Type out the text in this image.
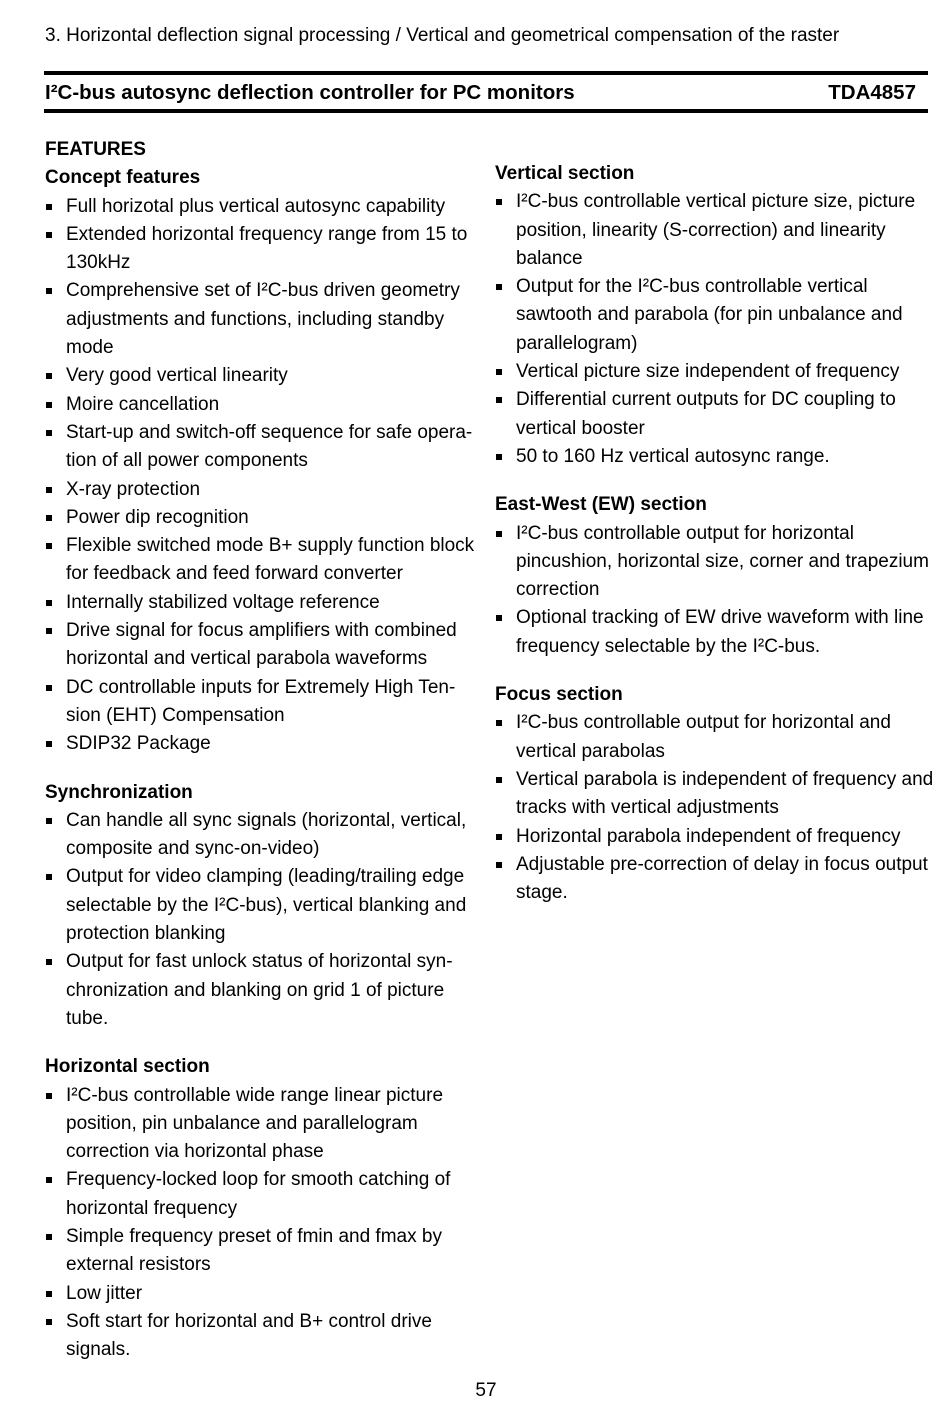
3. Horizontal deflection signal processing / Vertical and geometrical compensation of the raster
I²C-bus autosync deflection controller for PC monitors	TDA4857
FEATURES
Concept features
Full horizotal plus vertical autosync capability
Extended horizontal frequency range from 15 to 130kHz
Comprehensive set of I²C-bus driven geometry adjustments and functions, including standby mode
Very good vertical linearity
Moire cancellation
Start-up and switch-off sequence for safe opera-tion of all power components
X-ray protection
Power dip recognition
Flexible switched mode B+ supply function block for feedback and feed forward converter
Internally stabilized voltage reference
Drive signal for focus amplifiers with combined horizontal and vertical parabola waveforms
DC controllable inputs for Extremely High Ten-sion (EHT) Compensation
SDIP32 Package
Synchronization
Can handle all sync signals (horizontal, vertical, composite and sync-on-video)
Output for video clamping (leading/trailing edge selectable by the I²C-bus), vertical blanking and protection blanking
Output for fast unlock status of horizontal syn-chronization and blanking on grid 1 of picture tube.
Horizontal section
I²C-bus controllable wide range linear picture position, pin unbalance and parallelogram correction via horizontal phase
Frequency-locked loop for smooth catching of horizontal frequency
Simple frequency preset of fmin and fmax by external resistors
Low jitter
Soft start for horizontal and B+ control drive signals.
Vertical section
I²C-bus controllable vertical picture size, picture position, linearity (S-correction) and linearity balance
Output for the I²C-bus controllable vertical sawtooth and parabola (for pin unbalance and parallelogram)
Vertical picture size independent of frequency
Differential current outputs for DC coupling to vertical booster
50 to 160 Hz vertical autosync range.
East-West (EW) section
I²C-bus controllable output for horizontal pincushion, horizontal size, corner and trapezium correction
Optional tracking of EW drive waveform with line frequency selectable by the I²C-bus.
Focus section
I²C-bus controllable output for horizontal and vertical parabolas
Vertical parabola is independent of frequency and tracks with vertical adjustments
Horizontal parabola independent of frequency
Adjustable pre-correction of delay in focus output stage.
57
